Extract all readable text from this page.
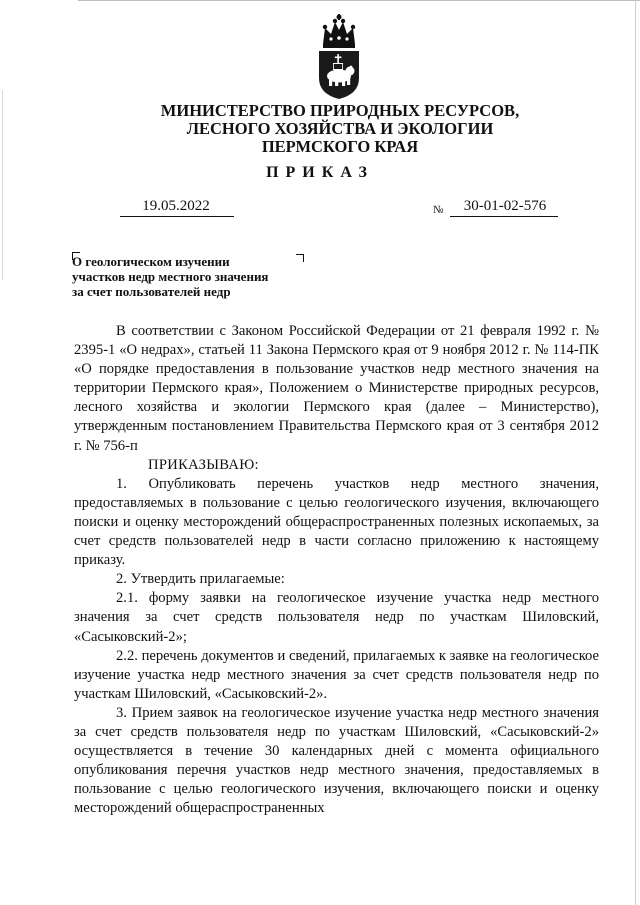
МИНИСТЕРСТВО ПРИРОДНЫХ РЕСУРСОВ,
ЛЕСНОГО ХОЗЯЙСТВА И ЭКОЛОГИИ
ПЕРМСКОГО КРАЯ
ПРИКАЗ
19.05.2022	№	30-01-02-576
О геологическом изучении
участков недр местного значения
за счет пользователей недр

В соответствии с Законом Российской Федерации от 21 февраля 1992 г. № 2395-1 «О недрах», статьей 11 Закона Пермского края от 9 ноября 2012 г. № 114-ПК «О порядке предоставления в пользование участков недр местного значения на территории Пермского края», Положением о Министерстве природных ресурсов, лесного хозяйства и экологии Пермского края (далее – Министерство), утвержденным постановлением Правительства Пермского края от 3 сентября 2012 г. № 756-п

ПРИКАЗЫВАЮ:

1. Опубликовать перечень участков недр местного значения, предоставляемых в пользование с целью геологического изучения, включающего поиски и оценку месторождений общераспространенных полезных ископаемых, за счет средств пользователей недр в части согласно приложению к настоящему приказу.

2. Утвердить прилагаемые:

2.1. форму заявки на геологическое изучение участка недр местного значения за счет средств пользователя недр по участкам Шиловский, «Сасыковский-2»;

2.2. перечень документов и сведений, прилагаемых к заявке на геологическое изучение участка недр местного значения за счет средств пользователя недр по участкам Шиловский, «Сасыковский-2».

3. Прием заявок на геологическое изучение участка недр местного значения за счет средств пользователя недр по участкам Шиловский, «Сасыковский-2» осуществляется в течение 30 календарных дней с момента официального опубликования перечня участков недр местного значения, предоставляемых в пользование с целью геологического изучения, включающего поиски и оценку месторождений общераспространенных
